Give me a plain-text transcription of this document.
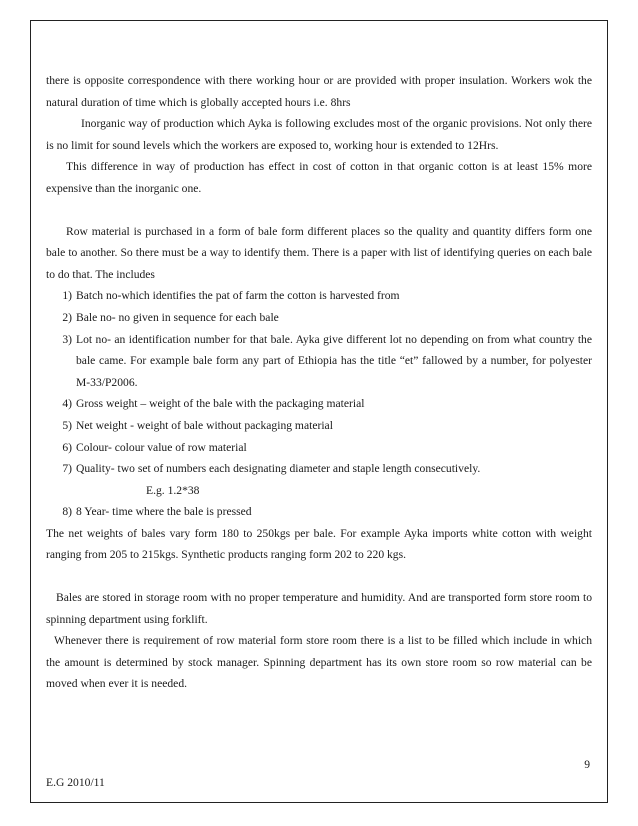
there is opposite correspondence with there working hour or are provided with proper insulation. Workers wok the natural duration of time which is globally accepted hours i.e. 8hrs

Inorganic way of production which Ayka is following excludes most of the organic provisions. Not only there is no limit for sound levels which the workers are exposed to, working hour is extended to 12Hrs.

This difference in way of production has effect in cost of cotton in that organic cotton is at least 15% more expensive than the inorganic one.

Row material is purchased in a form of bale form different places so the quality and quantity differs form one bale to another. So there must be a way to identify them. There is a paper with list of identifying queries on each bale to do that. The includes

1) Batch no-which identifies the pat of farm the cotton is harvested from
2) Bale no- no given in sequence for each bale
3) Lot no- an identification number for that bale. Ayka give different lot no depending on from what country the bale came. For example bale form any part of Ethiopia has the title “et” fallowed by a number, for polyester M-33/P2006.
4) Gross weight – weight of the bale with the packaging material
5) Net weight - weight of bale without packaging material
6) Colour- colour value of row material
7) Quality- two set of numbers each designating diameter and staple length consecutively.
E.g. 1.2*38
8) 8 Year- time where the bale is pressed

The net weights of bales vary form 180 to 250kgs per bale. For example Ayka imports white cotton with weight ranging from 205 to 215kgs. Synthetic products ranging form 202 to 220 kgs.

Bales are stored in storage room with no proper temperature and humidity. And are transported form store room to spinning department using forklift.

Whenever there is requirement of row material form store room there is a list to be filled which include in which the amount is determined by stock manager. Spinning department has its own store room so row material can be moved when ever it is needed.

9
E.G 2010/11
